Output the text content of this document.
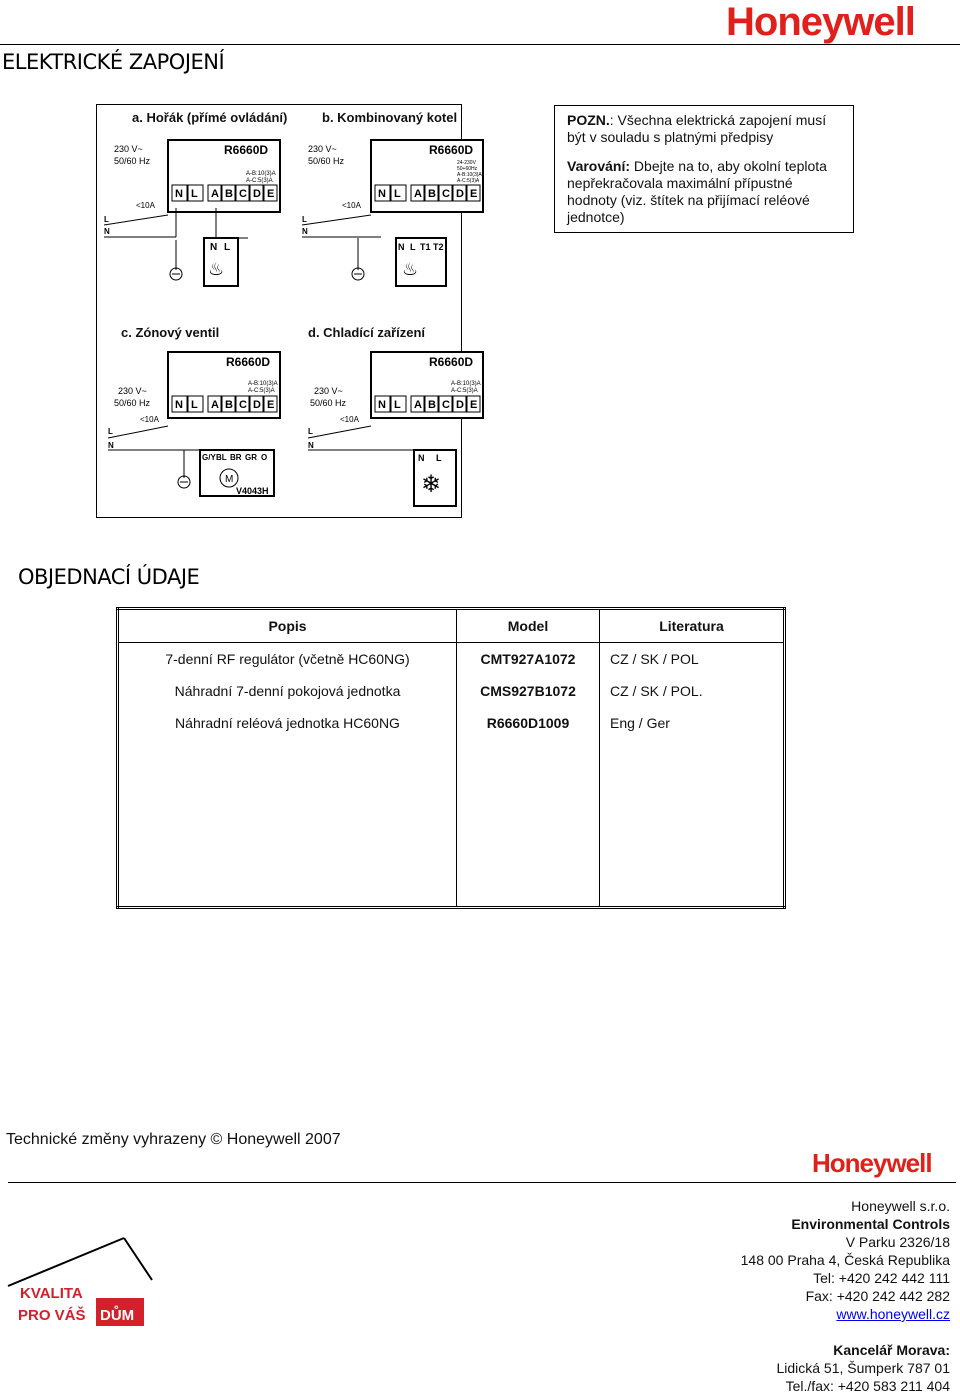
ELEKTRICKÉ ZAPOJENÍ
Honeywell
a. Hořák (přímé ovládání)	b. Kombinovaný kotel
c. Zónový ventil	d. Chladící zařízení
R6660D
A-B:10(3)A
A-C:5(3)A
N L A B C D E
230 V~
50/60 Hz
<10A
L
N
N L
♨
R6660D
24-230V
50+60Hz
A-B:10(3)A
A-C:5(3)A
N L A B C D E
230 V~
50/60 Hz
<10A
L
N
N L T1 T2
♨
R6660D
A-B:10(3)A
A-C:5(3)A
N L A B C D E
230 V~
50/60 Hz
<10A
L
N
G/Y BL BR GR O
M
V4043H
R6660D
A-B:10(3)A
A-C:5(3)A
N L A B C D E
230 V~
50/60 Hz
<10A
L
N
N L
❄
POZN.: Všechna elektrická zapojení musí být v souladu s platnými předpisy
Varování: Dbejte na to, aby okolní teplota nepřekračovala maximální přípustné hodnoty (viz. štítek na přijímací reléové jednotce)
OBJEDNACÍ ÚDAJE
Popis	Model	Literatura
7-denní RF regulátor (včetně HC60NG)	CMT927A1072	CZ / SK / POL
Náhradní 7-denní pokojová jednotka	CMS927B1072	CZ / SK / POL.
Náhradní reléová jednotka HC60NG	R6660D1009	Eng / Ger

Technické změny vyhrazeny © Honeywell 2007
Honeywell
KVALITA
PRO VÁŠ DŮM
Honeywell s.r.o.
Environmental Controls
V Parku 2326/18
148 00 Praha 4, Česká Republika
Tel: +420 242 442 111
Fax: +420 242 442 282
www.honeywell.cz
Kancelář Morava:
Lidická 51, Šumperk 787 01
Tel./fax: +420 583 211 404
